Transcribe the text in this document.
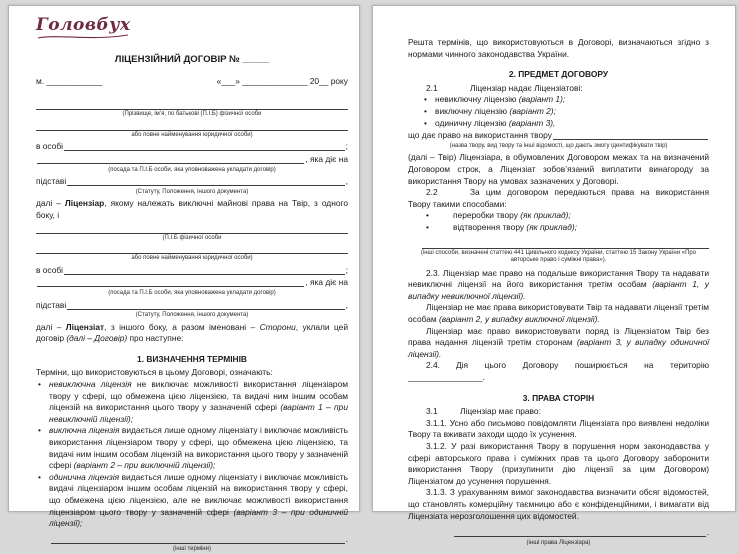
Головбух
ЛІЦЕНЗІЙНИЙ ДОГОВІР № _____
м. ____________	«___» ______________ 20__ року
(Прізвище, ім’я, по батькові (П.І.Б) фізичної особи
або повне найменування юридичної особи)
в особі	;
, яка діє на
(посада та П.І.Б особи, яка уповноважена укладати договір)
підставі	,
(Статуту, Положення, іншого документа)

далі – Ліцензіар, якому належать виключні майнові права на Твір, з одного боку, і

(П.І.Б фізичної особи
або повне найменування юридичної особи)
в особі	;
, яка діє на
(посада та П.І.Б особи, яка уповноважена укладати договір)
підставі	,
(Статуту, Положення, іншого документа)

далі – Ліцензіат, з іншого боку, а разом іменовані – Сторони, уклали цей договір (далі – Договір) про наступне:

1. ВИЗНАЧЕННЯ ТЕРМІНІВ

Терміни, що використовуються в цьому Договорі, означають:

• невиключна ліцензія не виключає можливості використання ліцензіаром твору у сфері, що обмежена цією ліцензією, та видачі ним іншим особам ліцензій на використання цього твору у зазначеній сфері (варіант 1 – при невиключній ліцензії);

• виключна ліцензія видається лише одному ліцензіату і виключає можливість використання ліцензіаром твору у сфері, що обмежена цією ліцензією, та видачі ним іншим особам ліцензій на використання цього твору у зазначеній сфері (варіант 2 – при виключній ліцензії);

• одинична ліцензія видається лише одному ліцензіату і виключає можливість видачі ліцензіаром іншим особам ліцензій на використання твору у сфері, що обмежена цією ліцензією, але не виключає можливості використання ліцензіаром цього твору у зазначеній сфері (варіант 3 – при одиничній ліцензії);

.
(інші терміни)

Решта термінів, що використовуються в Договорі, визначаються згідно з нормами чинного законодавства України.

2. ПРЕДМЕТ ДОГОВОРУ

2.1	Ліцензіар надає Ліцензіатові:

• невиключну ліцензію (варіант 1);

• виключну ліцензію (варіант 2);

• одиничну ліцензію (варіант 3),

що дає право на використання твору
(назва твору, вид твору та інші відомості, що дають змогу ідентифікувати твір)

(далі – Твір) Ліцензіара, в обумовлених Договором межах та на визначений Договором строк, а Ліцензіат зобов’язаний виплатити винагороду за використання Твору на умовах зазначених у Договорі.

2.2	За цим договором передаються права на використання Твору такими способами:

• переробки твору (як приклад);

• відтворення твору (як приклад);

(інші способи, визначені статтею 441 Цивільного кодексу України, статтею 15 Закону України «Про авторське право і суміжні права»).

2.3. Ліцензіар має право на подальше використання Твору та надавати невиключні ліцензії на його використання третім особам (варіант 1, у випадку невиключної ліцензії).

Ліцензіар не має права використовувати Твір та надавати ліцензії третім особам (варіант 2, у випадку виключної ліцензії).

Ліцензіар має право використовувати поряд із Ліцензіатом Твір без права надання ліцензій третім сторонам (варіант 3, у випадку одиничної ліцензії).

2.4. Дія цього Договору поширюється на територію ________________.

3. ПРАВА СТОРІН

3.1	Ліцензіар має право:

3.1.1. Усно або письмово повідомляти Ліцензіата про виявлені недоліки Твору та вживати заходи щодо їх усунення.

3.1.2. У разі використання Твору в порушення норм законодавства у сфері авторського права і суміжних прав та цього Договору заборонити використання Твору (призупинити дію ліцензії за цим Договором) Ліцензіатом до усунення порушення.

3.1.3. З урахуванням вимог законодавства визначити обсяг відомостей, що становлять комерційну таємницю або є конфіденційними, і вимагати від Ліцензіата нерозголошення цих відомостей.

.
(інші права Ліцензіара)
